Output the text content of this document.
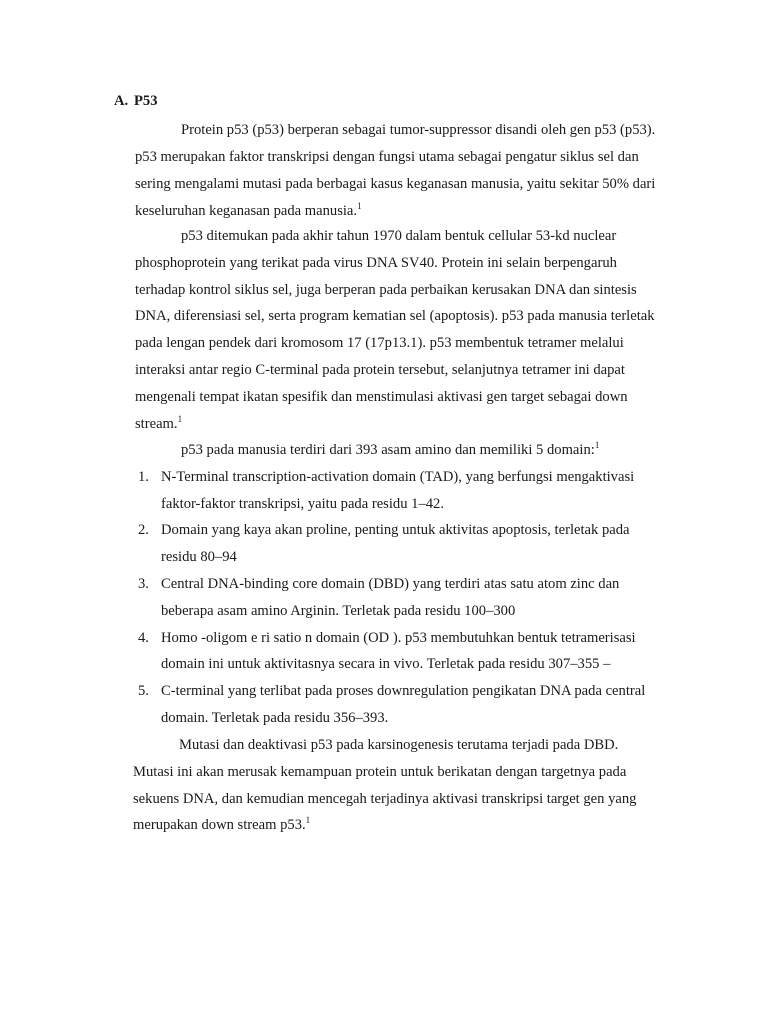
A. P53
Protein p53 (p53) berperan sebagai tumor-suppressor disandi oleh gen p53 (p53).
p53 merupakan faktor transkripsi dengan fungsi utama sebagai pengatur siklus sel dan
sering mengalami mutasi pada berbagai kasus keganasan manusia, yaitu sekitar 50% dari
keseluruhan keganasan pada manusia.$^1$
p53 ditemukan pada akhir tahun 1970 dalam bentuk cellular 53-kd nuclear
phosphoprotein yang terikat pada virus DNA SV40. Protein ini selain berpengaruh
terhadap kontrol siklus sel, juga berperan pada perbaikan kerusakan DNA dan sintesis
DNA, diferensiasi sel, serta program kematian sel (apoptosis). p53 pada manusia terletak
pada lengan pendek dari kromosom 17 (17p13.1). p53 membentuk tetramer melalui
interaksi antar regio C-terminal pada protein tersebut, selanjutnya tetramer ini dapat
mengenali tempat ikatan spesifik dan menstimulasi aktivasi gen target sebagai down
stream.$^1$
p53 pada manusia terdiri dari 393 asam amino dan memiliki 5 domain:$^1$
1. N-Terminal transcription-activation domain (TAD), yang berfungsi mengaktivasi
faktor-faktor transkripsi, yaitu pada residu 1–42.
2. Domain yang kaya akan proline, penting untuk aktivitas apoptosis, terletak pada
residu 80–94
3. Central DNA-binding core domain (DBD) yang terdiri atas satu atom zinc dan
beberapa asam amino Arginin. Terletak pada residu 100–300
4. Homo -oligom e ri satio n domain (OD ). p53 membutuhkan bentuk tetramerisasi
domain ini untuk aktivitasnya secara in vivo. Terletak pada residu 307–355 –
5. C-terminal yang terlibat pada proses downregulation pengikatan DNA pada central
domain. Terletak pada residu 356–393.
Mutasi dan deaktivasi p53 pada karsinogenesis terutama terjadi pada DBD.
Mutasi ini akan merusak kemampuan protein untuk berikatan dengan targetnya pada
sekuens DNA, dan kemudian mencegah terjadinya aktivasi transkripsi target gen yang
merupakan down stream p53.$^1$
